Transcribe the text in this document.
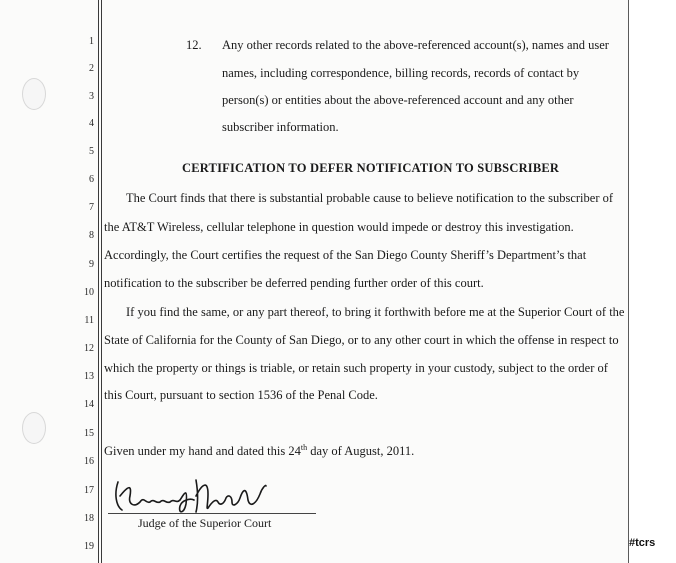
1
2
3
4
5
6
7
8
9
10
11
12
13
14
15
16
17
18
19
12. Any other records related to the above-referenced account(s), names and user
names, including correspondence, billing records, records of contact by
person(s) or entities about the above-referenced account and any other
subscriber information.
CERTIFICATION TO DEFER NOTIFICATION TO SUBSCRIBER
The Court finds that there is substantial probable cause to believe notification to the subscriber of
the AT&T Wireless, cellular telephone in question would impede or destroy this investigation.
Accordingly, the Court certifies the request of the San Diego County Sheriff’s Department’s that
notification to the subscriber be deferred pending further order of this court.
If you find the same, or any part thereof, to bring it forthwith before me at the Superior Court of the
State of California for the County of San Diego, or to any other court in which the offense in respect to
which the property or things is triable, or retain such property in your custody, subject to the order of
this Court, pursuant to section 1536 of the Penal Code.
Given under my hand and dated this 24th day of August, 2011.
Judge of the Superior Court
#tcrs
